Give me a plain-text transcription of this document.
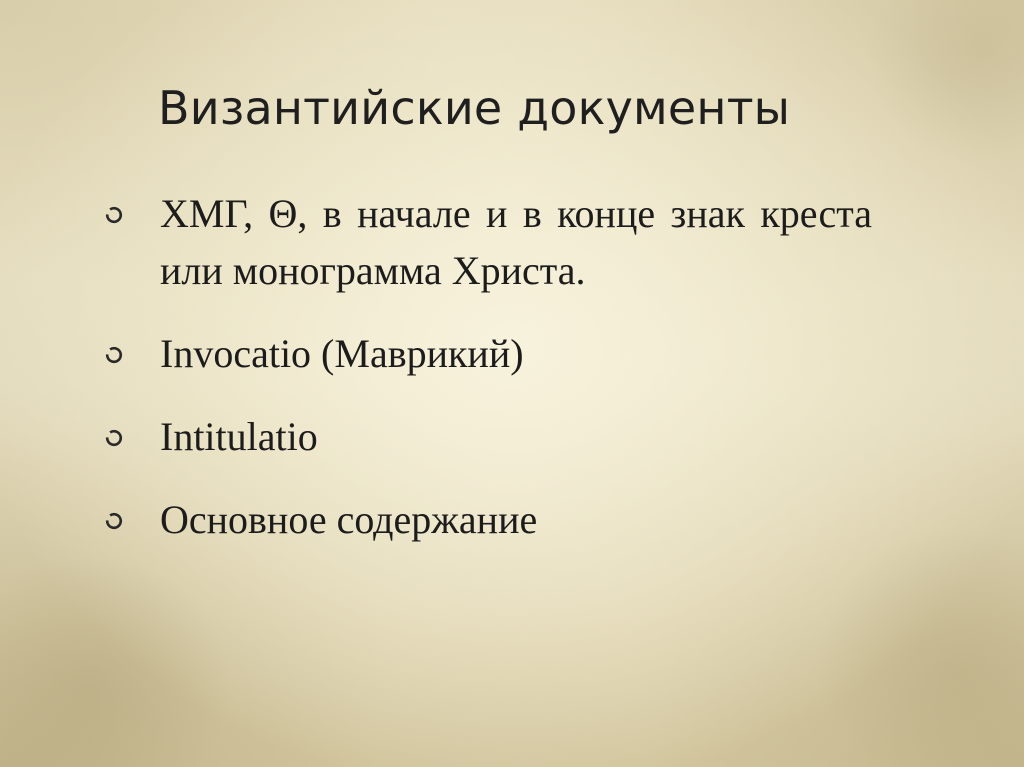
Византийские документы
ХМГ, Θ, в начале и в конце знак креста или монограмма Христа.
Invocatio (Маврикий)
Intitulatio
Основное содержание
